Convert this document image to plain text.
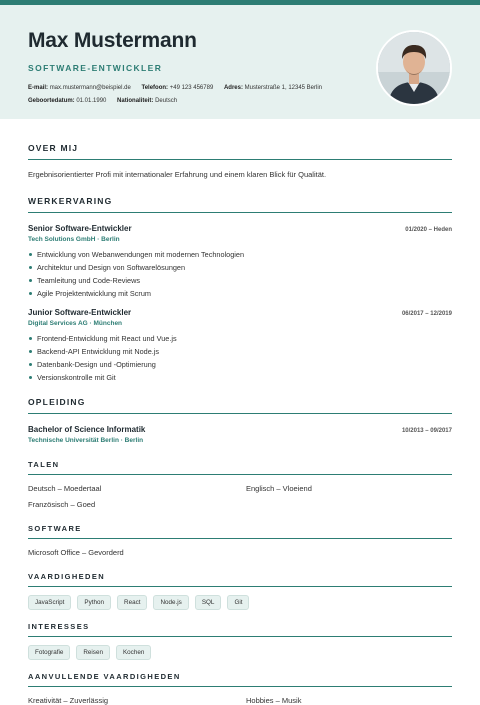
Max Mustermann
SOFTWARE-ENTWICKLER
E-mail: max.mustermann@beispiel.de Telefoon: +49 123 456789 Adres: Musterstraße 1, 12345 Berlin
Geboortedatum: 01.01.1990 Nationaliteit: Deutsch
OVER MIJ
Ergebnisorientierter Profi mit internationaler Erfahrung und einem klaren Blick für Qualität.
WERKERVARING
Senior Software-Entwickler	01/2020 – Heden
Tech Solutions GmbH · Berlin
Entwicklung von Webanwendungen mit modernen Technologien
Architektur und Design von Softwarelösungen
Teamleitung und Code-Reviews
Agile Projektentwicklung mit Scrum
Junior Software-Entwickler	06/2017 – 12/2019
Digital Services AG · München
Frontend-Entwicklung mit React und Vue.js
Backend-API Entwicklung mit Node.js
Datenbank-Design und -Optimierung
Versionskontrolle mit Git
OPLEIDING
Bachelor of Science Informatik	10/2013 – 09/2017
Technische Universität Berlin · Berlin
TALEN
Deutsch – Moedertaal	Englisch – Vloeiend
Französisch – Goed
SOFTWARE
Microsoft Office – Gevorderd
VAARDIGHEDEN
JavaScript	Python	React	Node.js	SQL	Git
INTERESSES
Fotografie	Reisen	Kochen
AANVULLENDE VAARDIGHEDEN
Kreativität – Zuverlässig	Hobbies – Musik
